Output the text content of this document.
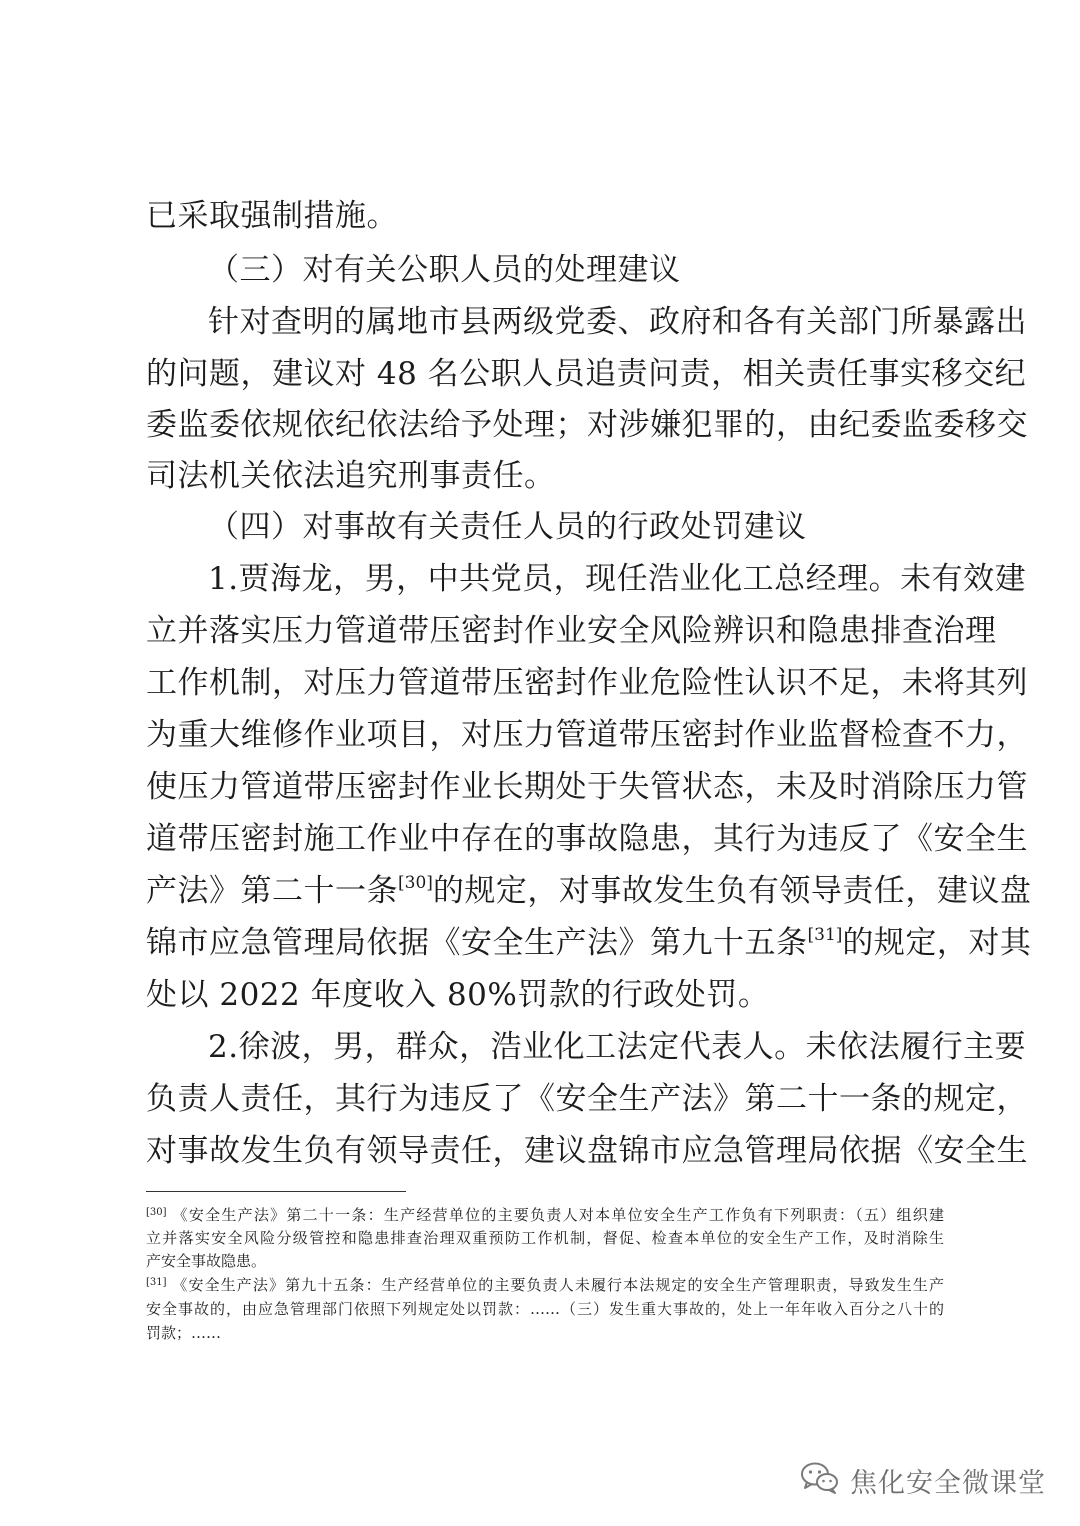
已采取强制措施。
（三）对有关公职人员的处理建议
针对查明的属地市县两级党委、政府和各有关部门所暴露出
的问题，建议对 48 名公职人员追责问责，相关责任事实移交纪
委监委依规依纪依法给予处理；对涉嫌犯罪的，由纪委监委移交
司法机关依法追究刑事责任。
（四）对事故有关责任人员的行政处罚建议
1.贾海龙，男，中共党员，现任浩业化工总经理。未有效建
立并落实压力管道带压密封作业安全风险辨识和隐患排查治理
工作机制，对压力管道带压密封作业危险性认识不足，未将其列
为重大维修作业项目，对压力管道带压密封作业监督检查不力，
使压力管道带压密封作业长期处于失管状态，未及时消除压力管
道带压密封施工作业中存在的事故隐患，其行为违反了《安全生
产法》第二十一条[30]的规定，对事故发生负有领导责任，建议盘
锦市应急管理局依据《安全生产法》第九十五条[31]的规定，对其
处以 2022 年度收入 80%罚款的行政处罚。
2.徐波，男，群众，浩业化工法定代表人。未依法履行主要
负责人责任，其行为违反了《安全生产法》第二十一条的规定，
对事故发生负有领导责任，建议盘锦市应急管理局依据《安全生
[30] 《安全生产法》第二十一条：生产经营单位的主要负责人对本单位安全生产工作负有下列职责：（五）组织建
立并落实安全风险分级管控和隐患排查治理双重预防工作机制，督促、检查本单位的安全生产工作，及时消除生
产安全事故隐患。
[31] 《安全生产法》第九十五条：生产经营单位的主要负责人未履行本法规定的安全生产管理职责，导致发生生产
安全事故的，由应急管理部门依照下列规定处以罚款：……（三）发生重大事故的，处上一年年收入百分之八十的
罚款；……
焦化安全微课堂
